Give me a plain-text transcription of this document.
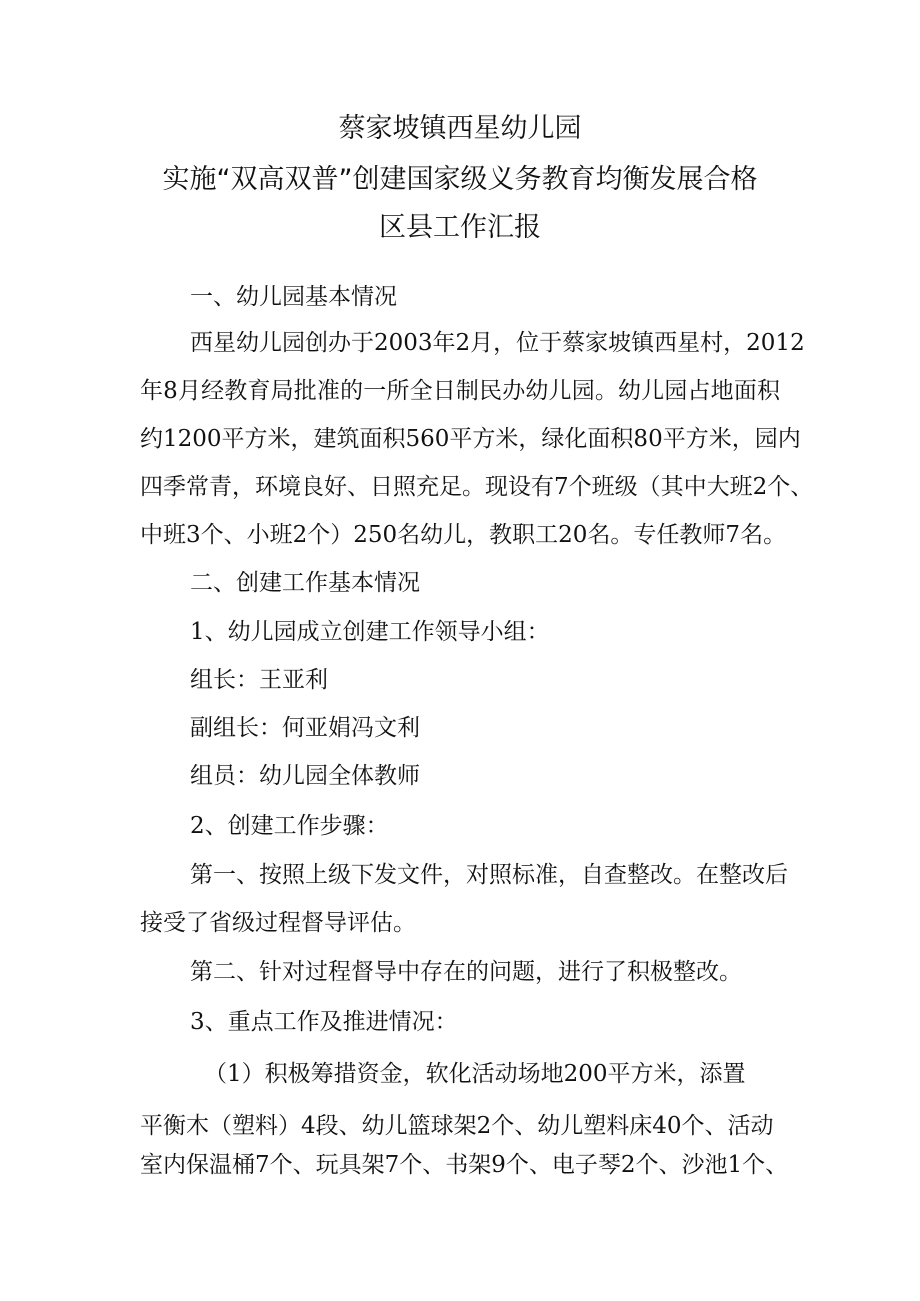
蔡家坡镇西星幼儿园
实施“双高双普”创建国家级义务教育均衡发展合格
区县工作汇报
一、幼儿园基本情况
西星幼儿园创办于2003年2月，位于蔡家坡镇西星村，2012
年8月经教育局批准的一所全日制民办幼儿园。幼儿园占地面积
约1200平方米，建筑面积560平方米，绿化面积80平方米，园内
四季常青，环境良好、日照充足。现设有7个班级（其中大班2个、
中班3个、小班2个）250名幼儿，教职工20名。专任教师7名。
二、创建工作基本情况
1、幼儿园成立创建工作领导小组：
组长：王亚利
副组长：何亚娟冯文利
组员：幼儿园全体教师
2、创建工作步骤：
第一、按照上级下发文件，对照标准，自查整改。在整改后
接受了省级过程督导评估。
第二、针对过程督导中存在的问题，进行了积极整改。
3、重点工作及推进情况：
（1）积极筹措资金，软化活动场地200平方米，添置
平衡木（塑料）4段、幼儿篮球架2个、幼儿塑料床40个、活动
室内保温桶7个、玩具架7个、书架9个、电子琴2个、沙池1个、
